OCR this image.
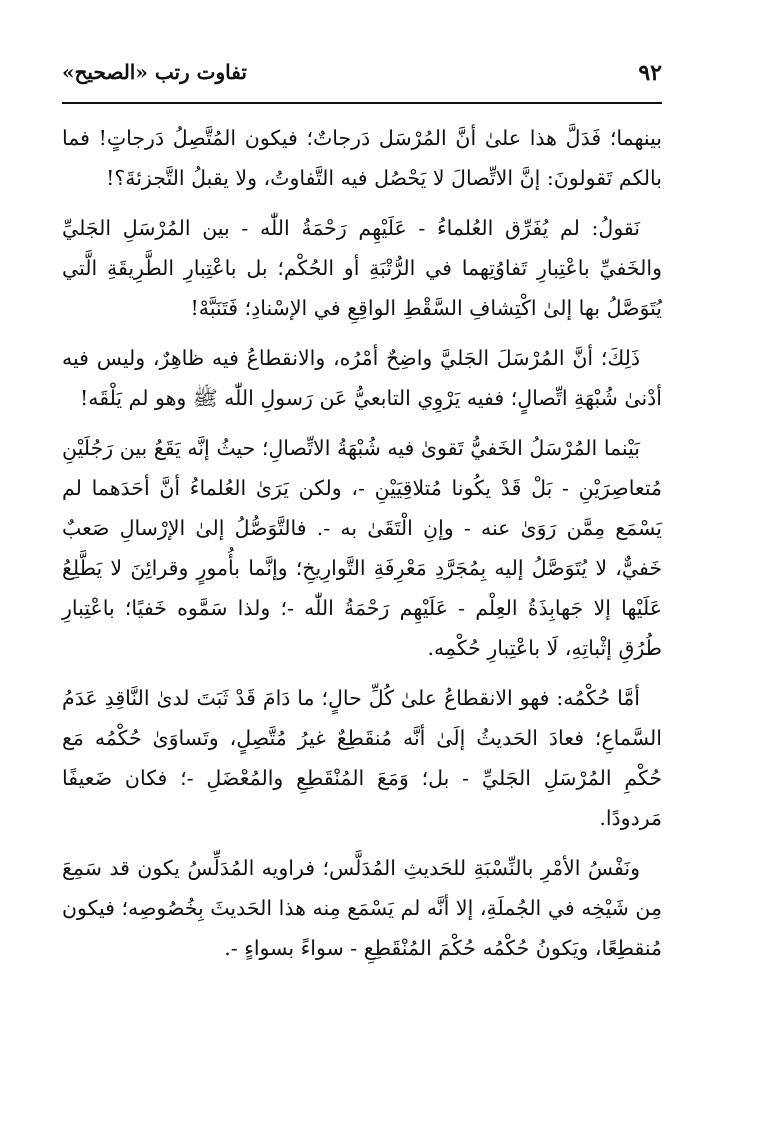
٩٢
تفاوت رتب «الصحيح»

بينهما؛ فَدَلَّ هذا علىٰ أنَّ المُرْسَل دَرجاتٌ؛ فيكون المُتَّصِلُ دَرجاتٍ! فما بالكم تَقولونَ: إنَّ الاتِّصالَ لا يَحْصُل فيه التَّفاوتُ، ولا يقبلُ التَّجزئةَ؟!

نَقولُ: لم يُفَرِّق العُلماءُ - عَلَيْهِم رَحْمَةُ اللّٰه - بين المُرْسَلِ الجَليِّ والخَفيِّ باعْتِبارِ تَفاوُتِهما في الرُّتْبَةِ أو الحُكْم؛ بل باعْتِبارِ الطَّرِيقَةِ الَّتي يُتَوَصَّلُ بها إلىٰ اكْتِشافِ السَّقْطِ الواقِعِ في الإسْنادِ؛ فَتَنَبَّهْ!

ذَلِكَ؛ أنَّ المُرْسَلَ الجَليَّ واضِحٌ أمْرُه، والانقطاعُ فيه ظاهِرٌ، وليس فيه أدْنىٰ شُبْهَةِ اتِّصالٍ؛ ففيه يَرْوِي التابعيُّ عَن رَسولِ اللّٰه ﷺ وهو لم يَلْقَه!

بَيْنما المُرْسَلُ الخَفيُّ تَقوىٰ فيه شُبْهَةُ الاتِّصالِ؛ حيثُ إنَّه يَقَعُ بين رَجُلَيْنِ مُتعاصِرَيْنِ - بَلْ قَدْ يكُونا مُتلاقِيَيْنِ -، ولكن يَرَىٰ العُلماءُ أنَّ أحَدَهما لم يَسْمَع مِمَّن رَوَىٰ عنه - وإنِ الْتَقَىٰ به -. فالتَّوَصُّلُ إلىٰ الإرْسالِ صَعبٌ خَفيٌّ، لا يُتَوَصَّلُ إليه بِمُجَرَّدِ مَعْرِفَةِ التَّوارِيخِ؛ وإنَّما بأُمورٍ وقرائِنَ لا يَطَّلِعُ عَلَيْها إلا جَهابِذَةُ العِلْم - عَلَيْهِم رَحْمَةُ اللّٰه -؛ ولذا سَمَّوه خَفيًا؛ باعْتِبارِ طُرُقِ إثْباتِهِ، لَا باعْتِبارِ حُكْمِه.

أمَّا حُكْمُه: فهو الانقطاعُ علىٰ كُلِّ حالٍ؛ ما دَامَ قَدْ ثَبَتَ لدىٰ النَّاقِدِ عَدَمُ السَّماعِ؛ فعادَ الحَديثُ إلَىٰ أنَّه مُنقَطِعٌ غيرُ مُتَّصِلٍ، وتَساوَىٰ حُكْمُه مَع حُكْمِ المُرْسَلِ الجَليِّ - بل؛ وَمَعَ المُنْقَطِعِ والمُعْضَلِ -؛ فكان ضَعيفًا مَردودًا.

ونَفْسُ الأمْرِ بالنِّسْبَةِ للحَديثِ المُدَلَّس؛ فراويه المُدَلِّسُ يكون قد سَمِعَ مِن شَيْخِه في الجُملَةِ، إلا أنَّه لم يَسْمَع مِنه هذا الحَديثَ بِخُصُوصِه؛ فيكون مُنقطِعًا، ويَكونُ حُكْمُه حُكْمَ المُنْقَطِعِ - سواءً بسواءٍ -.
